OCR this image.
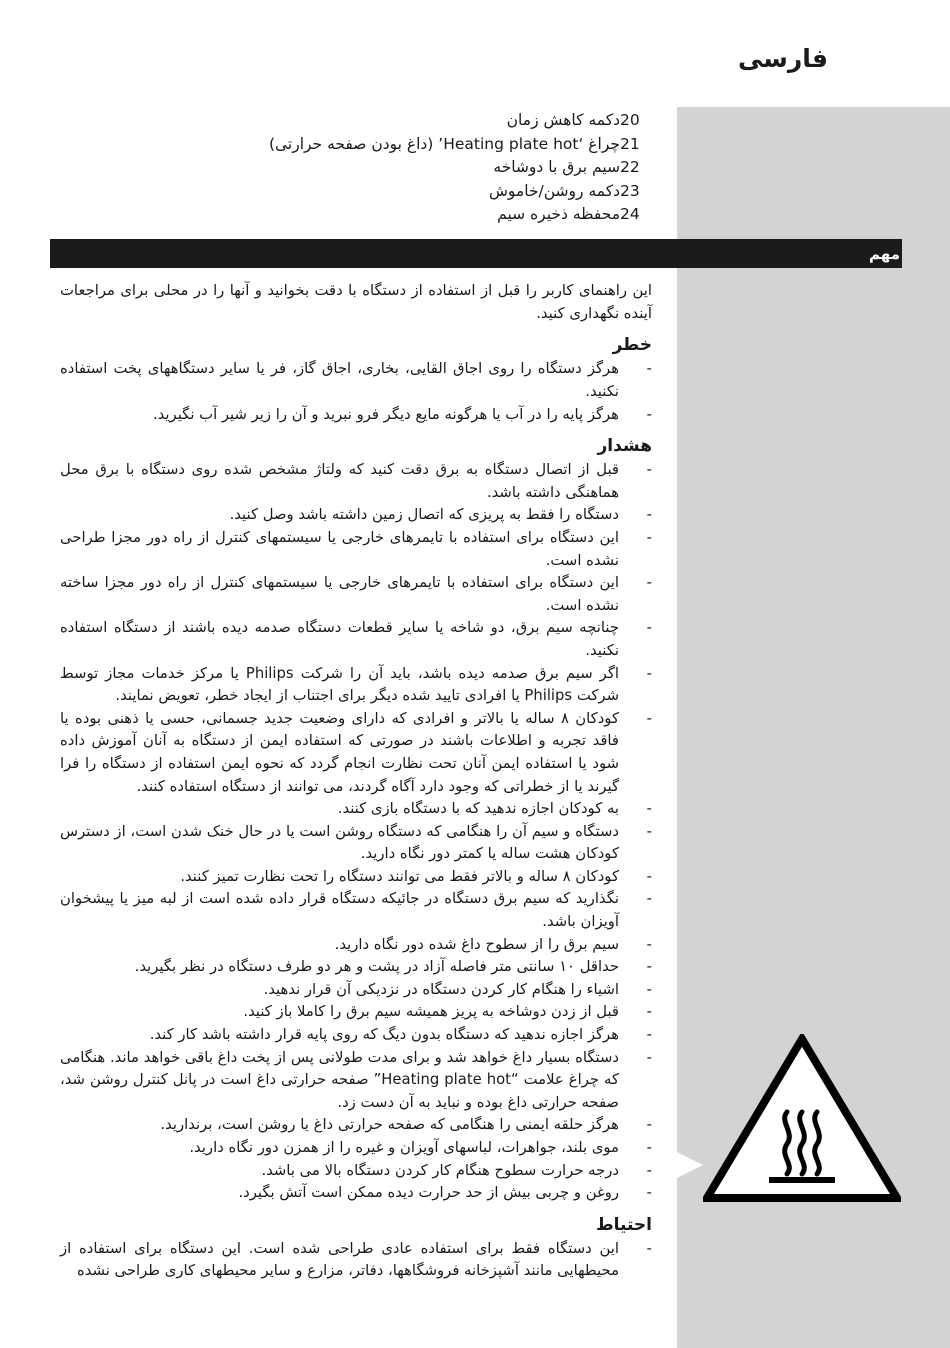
فارسی
20دکمه کاهش زمان
21چراغ ‘Heating plate hot’ (داغ بودن صفحه حرارتی)
22سیم برق با دوشاخه
23دکمه روشن/خاموش
24محفظه ذخیره سیم
مهم

این راهنمای کاربر را قبل از استفاده از دستگاه با دقت بخوانید و آنها را در محلی برای مراجعات آینده نگهداری کنید.

خطر
- هرگز دستگاه را روی اجاق القایی، بخاری، اجاق گاز، فر یا سایر دستگاههای پخت استفاده نکنید.
- هرگز پایه را در آب یا هرگونه مایع دیگر فرو نبرید و آن را زیر شیر آب نگیرید.
هشدار
- قبل از اتصال دستگاه به برق دقت کنید که ولتاژ مشخص شده روی دستگاه با برق محل هماهنگی داشته باشد.
- دستگاه را فقط به پریزی که اتصال زمین داشته باشد وصل کنید.
- این دستگاه برای استفاده با تایمرهای خارجی یا سیستمهای کنترل از راه دور مجزا طراحی نشده است.
- این دستگاه برای استفاده با تایمرهای خارجی یا سیستمهای کنترل از راه دور مجزا ساخته نشده است.
- چنانچه سیم برق، دو شاخه یا سایر قطعات دستگاه صدمه دیده باشند از دستگاه استفاده نکنید.
- اگر سیم برق صدمه دیده باشد، باید آن را شرکت Philips یا مرکز خدمات مجاز توسط شرکت Philips یا افرادی تایید شده دیگر برای اجتناب از ایجاد خطر، تعویض نمایند.
- کودکان ۸ ساله یا بالاتر و افرادی که دارای وضعیت جدید جسمانی، حسی یا ذهنی بوده یا فاقد تجربه و اطلاعات باشند در صورتی که استفاده ایمن از دستگاه به آنان آموزش داده شود یا استفاده ایمن آنان تحت نظارت انجام گردد که نحوه ایمن استفاده از دستگاه را فرا گیرند یا از خطراتی که وجود دارد آگاه گردند، می توانند از دستگاه استفاده کنند.
- به کودکان اجازه ندهید که با دستگاه بازی کنند.
- دستگاه و سیم آن را هنگامی که دستگاه روشن است یا در حال خنک شدن است، از دسترس کودکان هشت ساله یا کمتر دور نگاه دارید.
- کودکان ۸ ساله و بالاتر فقط می توانند دستگاه را تحت نظارت تمیز کنند.
- نگذارید که سیم برق دستگاه در جائیکه دستگاه قرار داده شده است از لبه میز یا پیشخوان آویزان باشد.
- سیم برق را از سطوح داغ شده دور نگاه دارید.
- حداقل ۱۰ سانتی متر فاصله آزاد در پشت و هر دو طرف دستگاه در نظر بگیرید.
- اشیاء را هنگام کار کردن دستگاه در نزدیکی آن قرار ندهید.
- قبل از زدن دوشاخه به پریز همیشه سیم برق را کاملا باز کنید.
- هرگز اجازه ندهید که دستگاه بدون دیگ که روی پایه قرار داشته باشد کار کند.
- دستگاه بسیار داغ خواهد شد و برای مدت طولانی پس از پخت داغ باقی خواهد ماند. هنگامی که چراغ علامت “Heating plate hot” صفحه حرارتی داغ است در پانل کنترل روشن شد، صفحه حرارتی داغ بوده و نباید به آن دست زد.
- هرگز حلقه ایمنی را هنگامی که صفحه حرارتی داغ یا روشن است، برندارید.
- موی بلند، جواهرات، لباسهای آویزان و غیره را از همزن دور نگاه دارید.
- درجه حرارت سطوح هنگام کار کردن دستگاه بالا می باشد.
- روغن و چربی بیش از حد حرارت دیده ممکن است آتش بگیرد.
احتیاط
- این دستگاه فقط برای استفاده عادی طراحی شده است. این دستگاه برای استفاده از محیطهایی مانند آشپزخانه فروشگاهها، دفاتر، مزارع و سایر محیطهای کاری طراحی نشده
